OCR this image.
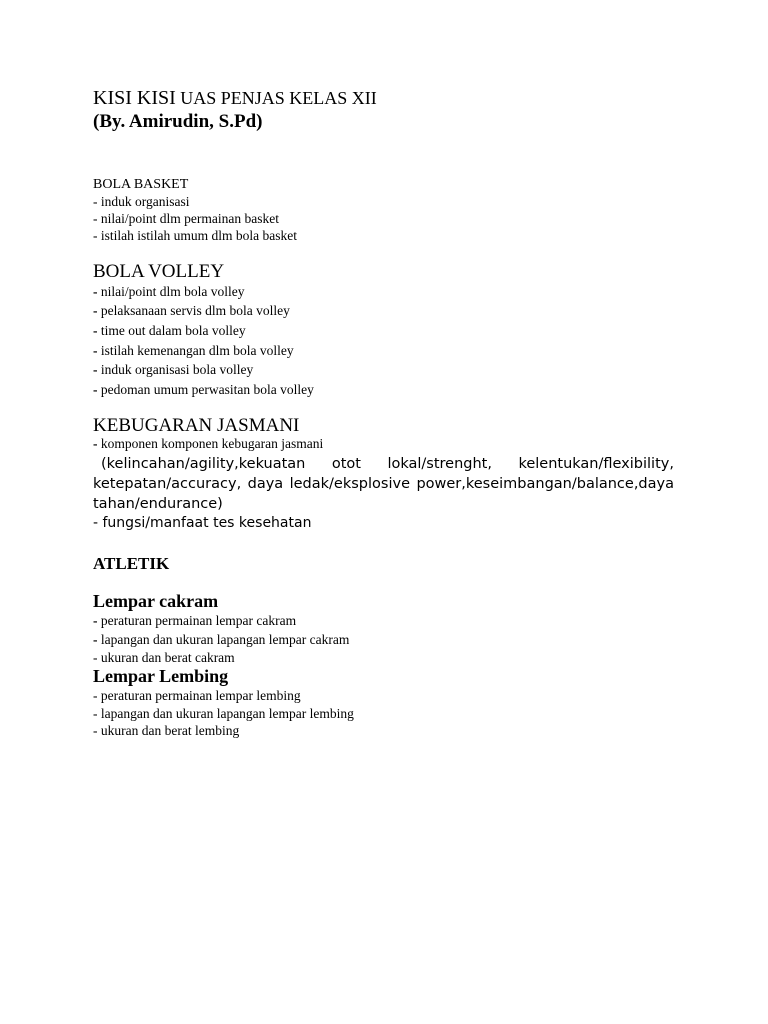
KISI KISI UAS PENJAS KELAS XII
(By. Amirudin, S.Pd)
BOLA BASKET
- induk organisasi
- nilai/point dlm permainan basket
- istilah istilah umum dlm bola basket
BOLA VOLLEY
- nilai/point dlm bola volley
- pelaksanaan servis dlm bola volley
- time out dalam bola volley
- istilah kemenangan dlm bola volley
- induk organisasi bola volley
- pedoman umum perwasitan bola volley
KEBUGARAN JASMANI
- komponen komponen kebugaran jasmani
(kelincahan/agility,kekuatan otot lokal/strenght, kelentukan/flexibility,
ketepatan/accuracy, daya ledak/eksplosive power,keseimbangan/balance,daya
tahan/endurance)
- fungsi/manfaat tes kesehatan
ATLETIK
Lempar cakram
- peraturan permainan lempar cakram
- lapangan dan ukuran lapangan lempar cakram
- ukuran dan berat cakram
Lempar Lembing
- peraturan permainan lempar lembing
- lapangan dan ukuran lapangan lempar lembing
- ukuran dan berat lembing
